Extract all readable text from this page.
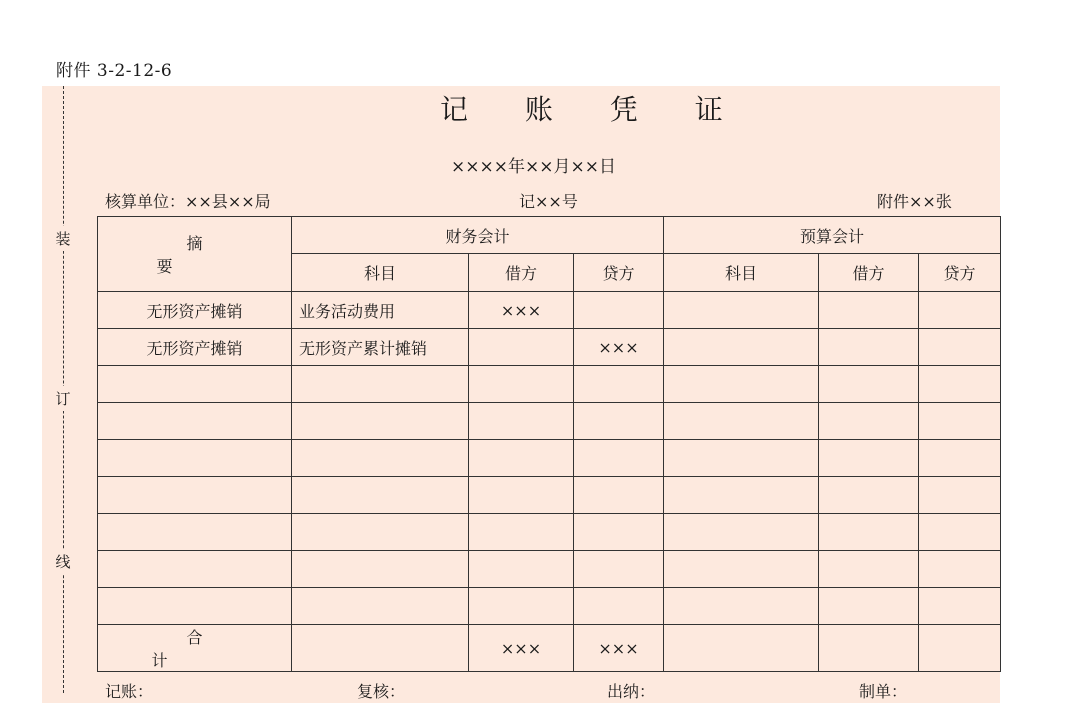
附件 3-2-12-6
装
订
线
记 账 凭 证
××××年××月××日
核算单位：××县××局	记××号	附件××张
摘要	财务会计			预算会计		
	科目	借方	贷方	科目	借方	贷方
无形资产摊销	业务活动费用	×××				
无形资产摊销	无形资产累计摊销		×××			

合计		×××	×××			
记账：	复核：	出纳：	制单：
